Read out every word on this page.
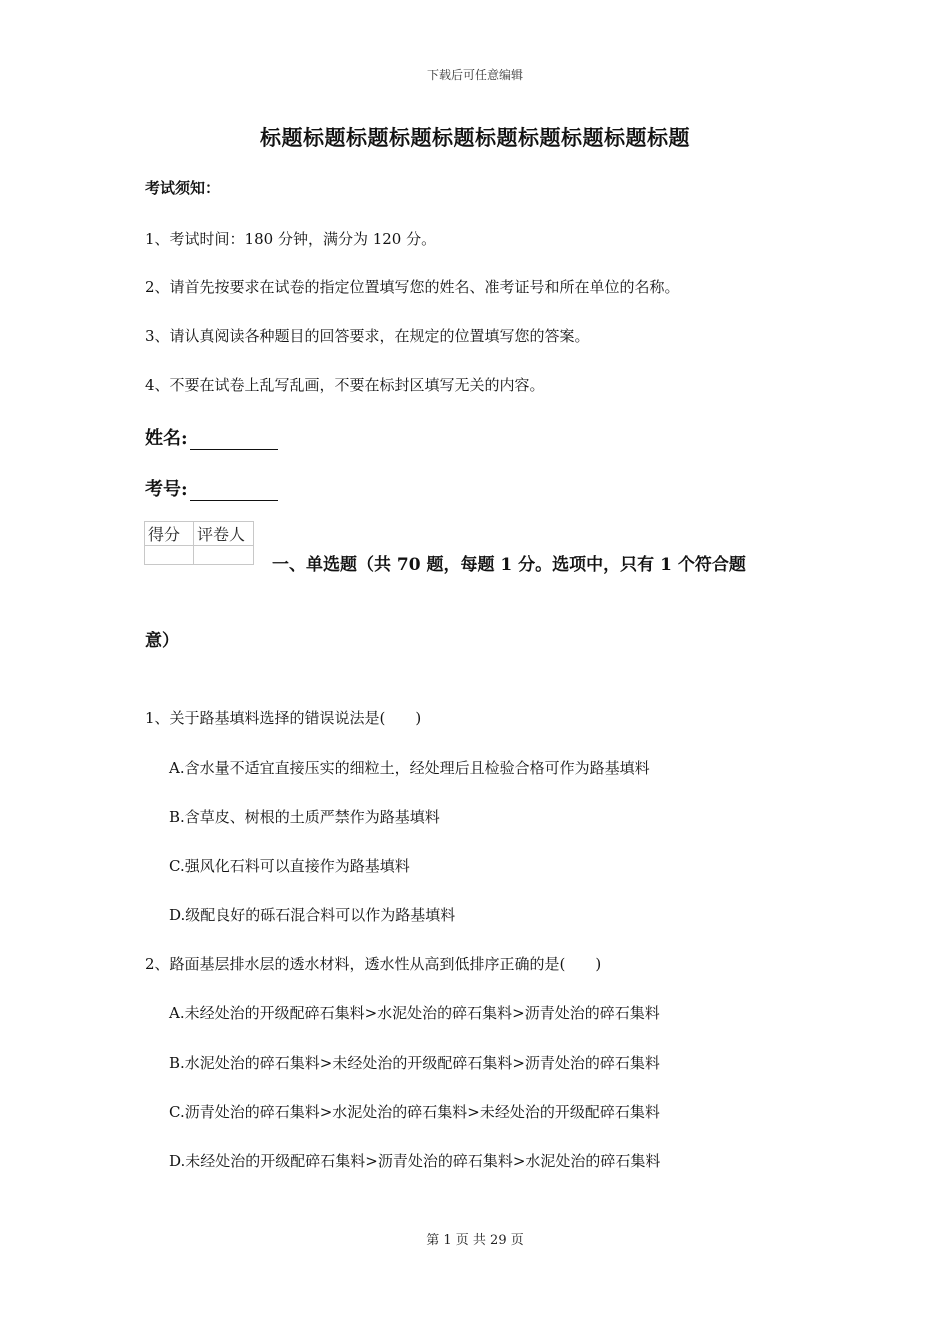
下载后可任意编辑
标题标题标题标题标题标题标题标题标题标题
考试须知：
1、考试时间：180 分钟，满分为 120 分。
2、请首先按要求在试卷的指定位置填写您的姓名、准考证号和所在单位的名称。
3、请认真阅读各种题目的回答要求，在规定的位置填写您的答案。
4、不要在试卷上乱写乱画，不要在标封区填写无关的内容。
姓名:
考号:
得分	评卷人

一、单选题（共 70 题，每题 1 分。选项中，只有 1 个符合题
意）
1、关于路基填料选择的错误说法是(　　)
A.含水量不适宜直接压实的细粒土，经处理后且检验合格可作为路基填料
B.含草皮、树根的土质严禁作为路基填料
C.强风化石料可以直接作为路基填料
D.级配良好的砾石混合料可以作为路基填料
2、路面基层排水层的透水材料，透水性从高到低排序正确的是(　　)
A.未经处治的开级配碎石集料>水泥处治的碎石集料>沥青处治的碎石集料
B.水泥处治的碎石集料>未经处治的开级配碎石集料>沥青处治的碎石集料
C.沥青处治的碎石集料>水泥处治的碎石集料>未经处治的开级配碎石集料
D.未经处治的开级配碎石集料>沥青处治的碎石集料>水泥处治的碎石集料
第 1 页 共 29 页
